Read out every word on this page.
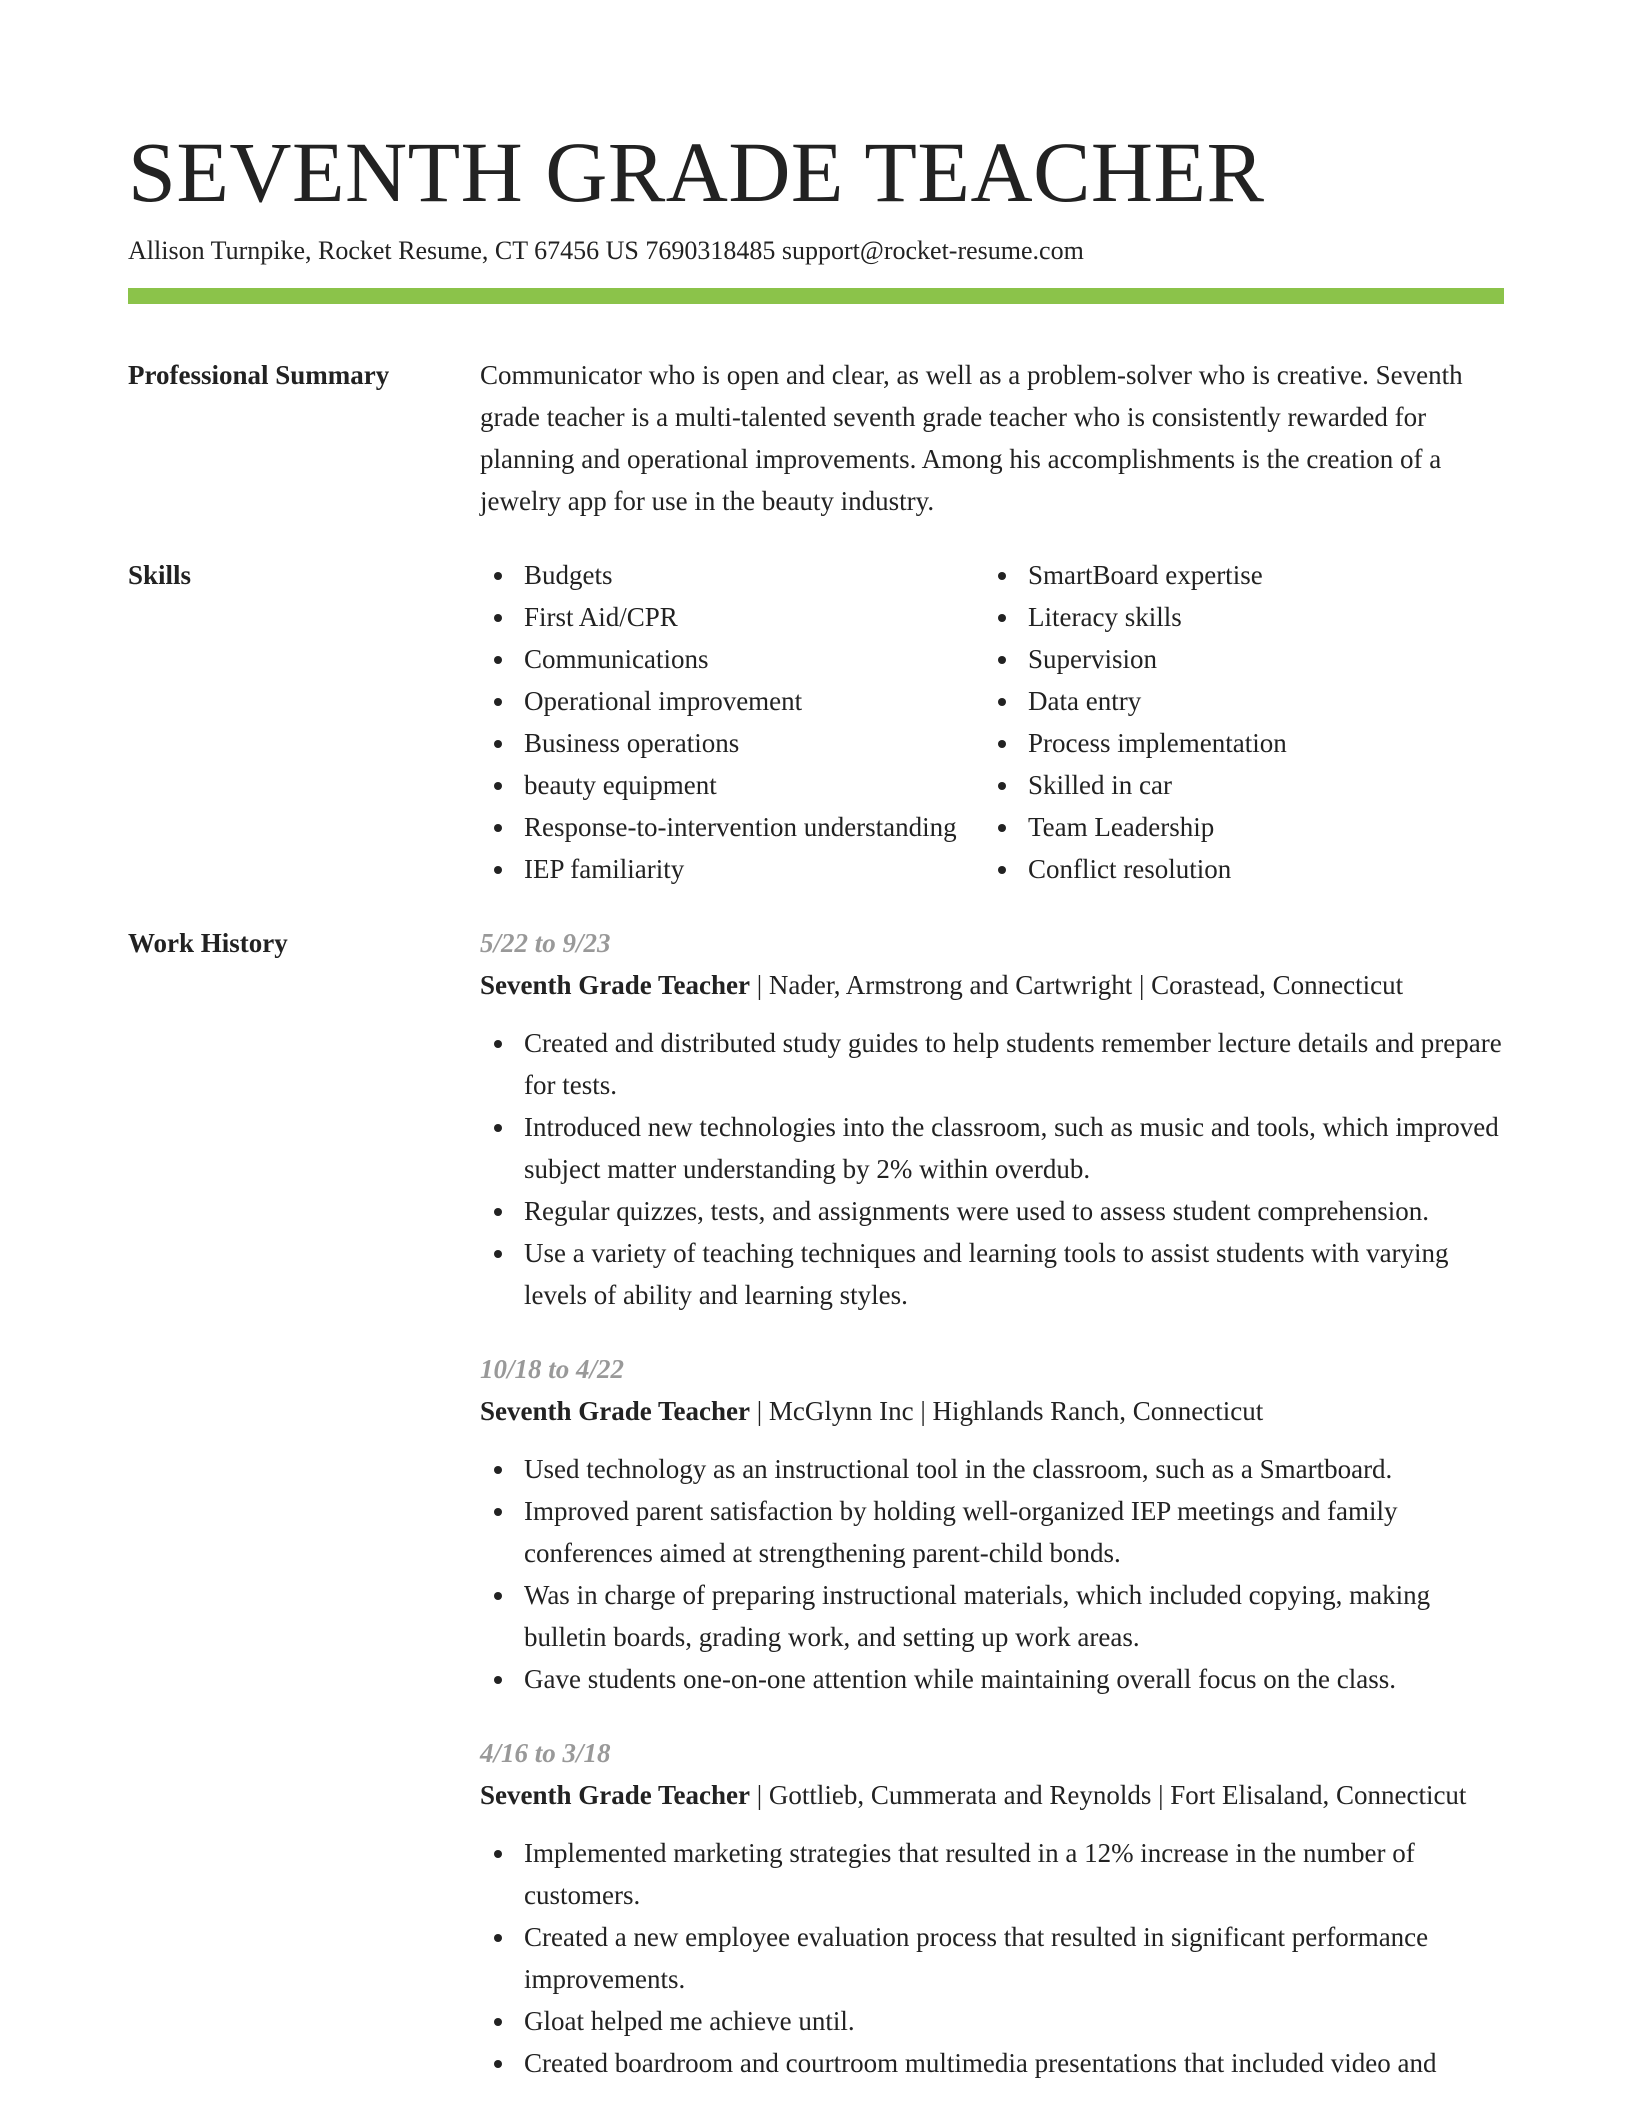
SEVENTH GRADE TEACHER
Allison Turnpike, Rocket Resume, CT 67456 US 7690318485 support@rocket-resume.com
Professional Summary	Communicator who is open and clear, as well as a problem-solver who is creative. Seventh grade teacher is a multi-talented seventh grade teacher who is consistently rewarded for planning and operational improvements. Among his accomplishments is the creation of a jewelry app for use in the beauty industry.

Skills	Budgets
First Aid/CPR
Communications
Operational improvement
Business operations
beauty equipment
Response-to-intervention understanding
IEP familiarity
SmartBoard expertise
Literacy skills
Supervision
Data entry
Process implementation
Skilled in car
Team Leadership
Conflict resolution
Work History	5/22 to 9/23
Seventh Grade Teacher | Nader, Armstrong and Cartwright | Corastead, Connecticut
Created and distributed study guides to help students remember lecture details and prepare for tests.
Introduced new technologies into the classroom, such as music and tools, which improved subject matter understanding by 2% within overdub.
Regular quizzes, tests, and assignments were used to assess student comprehension.
Use a variety of teaching techniques and learning tools to assist students with varying levels of ability and learning styles.
10/18 to 4/22
Seventh Grade Teacher | McGlynn Inc | Highlands Ranch, Connecticut
Used technology as an instructional tool in the classroom, such as a Smartboard.
Improved parent satisfaction by holding well-organized IEP meetings and family conferences aimed at strengthening parent-child bonds.
Was in charge of preparing instructional materials, which included copying, making bulletin boards, grading work, and setting up work areas.
Gave students one-on-one attention while maintaining overall focus on the class.
4/16 to 3/18
Seventh Grade Teacher | Gottlieb, Cummerata and Reynolds | Fort Elisaland, Connecticut
Implemented marketing strategies that resulted in a 12% increase in the number of customers.
Created a new employee evaluation process that resulted in significant performance improvements.
Gloat helped me achieve until.
Created boardroom and courtroom multimedia presentations that included video and
